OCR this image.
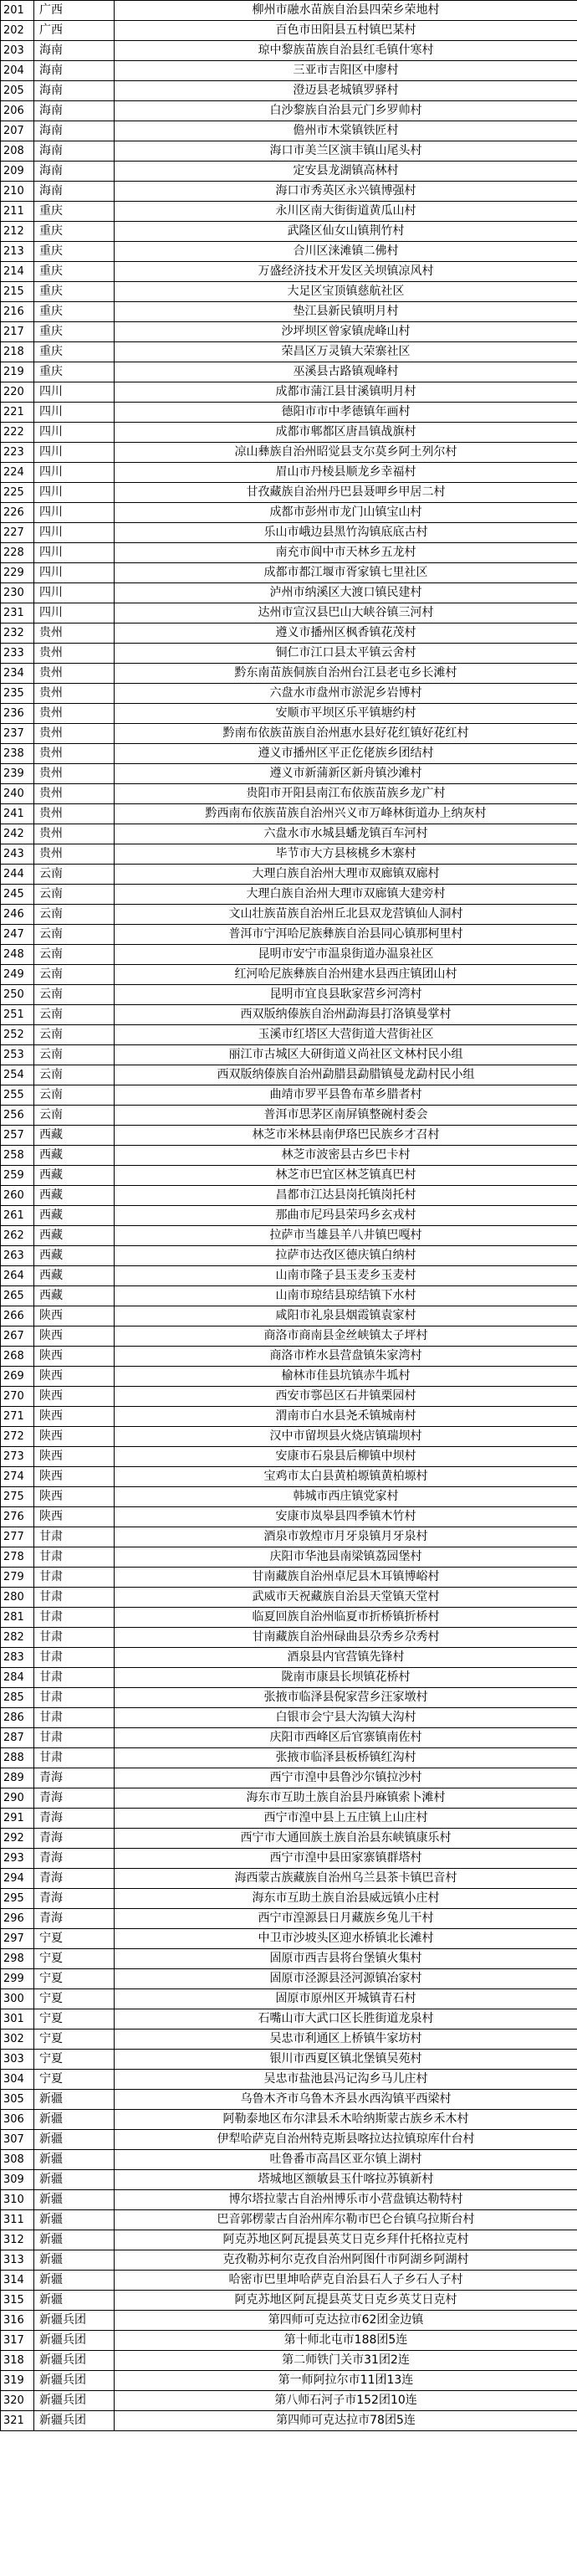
201	广西	柳州市融水苗族自治县四荣乡荣地村
202	广西	百色市田阳县五村镇巴某村
203	海南	琼中黎族苗族自治县红毛镇什寒村
204	海南	三亚市吉阳区中廖村
205	海南	澄迈县老城镇罗驿村
206	海南	白沙黎族自治县元门乡罗帅村
207	海南	儋州市木棠镇铁匠村
208	海南	海口市美兰区演丰镇山尾头村
209	海南	定安县龙湖镇高林村
210	海南	海口市秀英区永兴镇博强村
211	重庆	永川区南大街街道黄瓜山村
212	重庆	武隆区仙女山镇荆竹村
213	重庆	合川区涞滩镇二佛村
214	重庆	万盛经济技术开发区关坝镇凉风村
215	重庆	大足区宝顶镇慈航社区
216	重庆	垫江县新民镇明月村
217	重庆	沙坪坝区曾家镇虎峰山村
218	重庆	荣昌区万灵镇大荣寨社区
219	重庆	巫溪县古路镇观峰村
220	四川	成都市蒲江县甘溪镇明月村
221	四川	德阳市市中孝德镇年画村
222	四川	成都市郫都区唐昌镇战旗村
223	四川	凉山彝族自治州昭觉县支尔莫乡阿土列尔村
224	四川	眉山市丹棱县顺龙乡幸福村
225	四川	甘孜藏族自治州丹巴县聂呷乡甲居二村
226	四川	成都市彭州市龙门山镇宝山村
227	四川	乐山市峨边县黑竹沟镇底底古村
228	四川	南充市阆中市天林乡五龙村
229	四川	成都市都江堰市胥家镇七里社区
230	四川	泸州市纳溪区大渡口镇民建村
231	四川	达州市宣汉县巴山大峡谷镇三河村
232	贵州	遵义市播州区枫香镇花茂村
233	贵州	铜仁市江口县太平镇云舍村
234	贵州	黔东南苗族侗族自治州台江县老屯乡长滩村
235	贵州	六盘水市盘州市淤泥乡岩博村
236	贵州	安顺市平坝区乐平镇塘约村
237	贵州	黔南布依族苗族自治州惠水县好花红镇好花红村
238	贵州	遵义市播州区平正仡佬族乡团结村
239	贵州	遵义市新蒲新区新舟镇沙滩村
240	贵州	贵阳市开阳县南江布依族苗族乡龙广村
241	贵州	黔西南布依族苗族自治州兴义市万峰林街道办上纳灰村
242	贵州	六盘水市水城县蟠龙镇百车河村
243	贵州	毕节市大方县核桃乡木寨村
244	云南	大理白族自治州大理市双廊镇双廊村
245	云南	大理白族自治州大理市双廊镇大建旁村
246	云南	文山壮族苗族自治州丘北县双龙营镇仙人洞村
247	云南	普洱市宁洱哈尼族彝族自治县同心镇那柯里村
248	云南	昆明市安宁市温泉街道办温泉社区
249	云南	红河哈尼族彝族自治州建水县西庄镇团山村
250	云南	昆明市宜良县耿家营乡河湾村
251	云南	西双版纳傣族自治州勐海县打洛镇曼掌村
252	云南	玉溪市红塔区大营街道大营街社区
253	云南	丽江市古城区大研街道义尚社区文林村民小组
254	云南	西双版纳傣族自治州勐腊县勐腊镇曼龙勐村民小组
255	云南	曲靖市罗平县鲁布革乡腊者村
256	云南	普洱市思茅区南屏镇整碗村委会
257	西藏	林芝市米林县南伊珞巴民族乡才召村
258	西藏	林芝市波密县古乡巴卡村
259	西藏	林芝市巴宜区林芝镇真巴村
260	西藏	昌都市江达县岗托镇岗托村
261	西藏	那曲市尼玛县荣玛乡玄戎村
262	西藏	拉萨市当雄县羊八井镇巴嘎村
263	西藏	拉萨市达孜区德庆镇白纳村
264	西藏	山南市隆子县玉麦乡玉麦村
265	西藏	山南市琼结县琼结镇下水村
266	陕西	咸阳市礼泉县烟霞镇袁家村
267	陕西	商洛市商南县金丝峡镇太子坪村
268	陕西	商洛市柞水县营盘镇朱家湾村
269	陕西	榆林市佳县坑镇赤牛坬村
270	陕西	西安市鄠邑区石井镇栗园村
271	陕西	渭南市白水县尧禾镇城南村
272	陕西	汉中市留坝县火烧店镇瑞坝村
273	陕西	安康市石泉县后柳镇中坝村
274	陕西	宝鸡市太白县黄柏塬镇黄柏塬村
275	陕西	韩城市西庄镇党家村
276	陕西	安康市岚皋县四季镇木竹村
277	甘肃	酒泉市敦煌市月牙泉镇月牙泉村
278	甘肃	庆阳市华池县南梁镇荔园堡村
279	甘肃	甘南藏族自治州卓尼县木耳镇博峪村
280	甘肃	武威市天祝藏族自治县天堂镇天堂村
281	甘肃	临夏回族自治州临夏市折桥镇折桥村
282	甘肃	甘南藏族自治州碌曲县尕秀乡尕秀村
283	甘肃	酒泉县内官营镇先锋村
284	甘肃	陇南市康县长坝镇花桥村
285	甘肃	张掖市临泽县倪家营乡汪家墩村
286	甘肃	白银市会宁县大沟镇大沟村
287	甘肃	庆阳市西峰区后官寨镇南佐村
288	甘肃	张掖市临泽县板桥镇红沟村
289	青海	西宁市湟中县鲁沙尔镇拉沙村
290	青海	海东市互助土族自治县丹麻镇索卜滩村
291	青海	西宁市湟中县上五庄镇上山庄村
292	青海	西宁市大通回族土族自治县东峡镇康乐村
293	青海	西宁市湟中县田家寨镇群塔村
294	青海	海西蒙古族藏族自治州乌兰县茶卡镇巴音村
295	青海	海东市互助土族自治县威远镇小庄村
296	青海	西宁市湟源县日月藏族乡兔儿干村
297	宁夏	中卫市沙坡头区迎水桥镇北长滩村
298	宁夏	固原市西吉县将台堡镇火集村
299	宁夏	固原市泾源县泾河源镇冶家村
300	宁夏	固原市原州区开城镇青石村
301	宁夏	石嘴山市大武口区长胜街道龙泉村
302	宁夏	吴忠市利通区上桥镇牛家坊村
303	宁夏	银川市西夏区镇北堡镇吴苑村
304	宁夏	吴忠市盐池县冯记沟乡马儿庄村
305	新疆	乌鲁木齐市乌鲁木齐县水西沟镇平西梁村
306	新疆	阿勒泰地区布尔津县禾木哈纳斯蒙古族乡禾木村
307	新疆	伊犁哈萨克自治州特克斯县喀拉达拉镇琼库什台村
308	新疆	吐鲁番市高昌区亚尔镇上湖村
309	新疆	塔城地区额敏县玉什喀拉苏镇新村
310	新疆	博尔塔拉蒙古自治州博乐市小营盘镇达勒特村
311	新疆	巴音郭楞蒙古自治州库尔勒市巴仑台镇乌拉斯台村
312	新疆	阿克苏地区阿瓦提县英艾日克乡拜什托格拉克村
313	新疆	克孜勒苏柯尔克孜自治州阿图什市阿湖乡阿湖村
314	新疆	哈密市巴里坤哈萨克自治县石人子乡石人子村
315	新疆	阿克苏地区阿瓦提县英艾日克乡英艾日克村
316	新疆兵团	第四师可克达拉市62团金边镇
317	新疆兵团	第十师北屯市188团5连
318	新疆兵团	第二师铁门关市31团2连
319	新疆兵团	第一师阿拉尔市11团13连
320	新疆兵团	第八师石河子市152团10连
321	新疆兵团	第四师可克达拉市78团5连
